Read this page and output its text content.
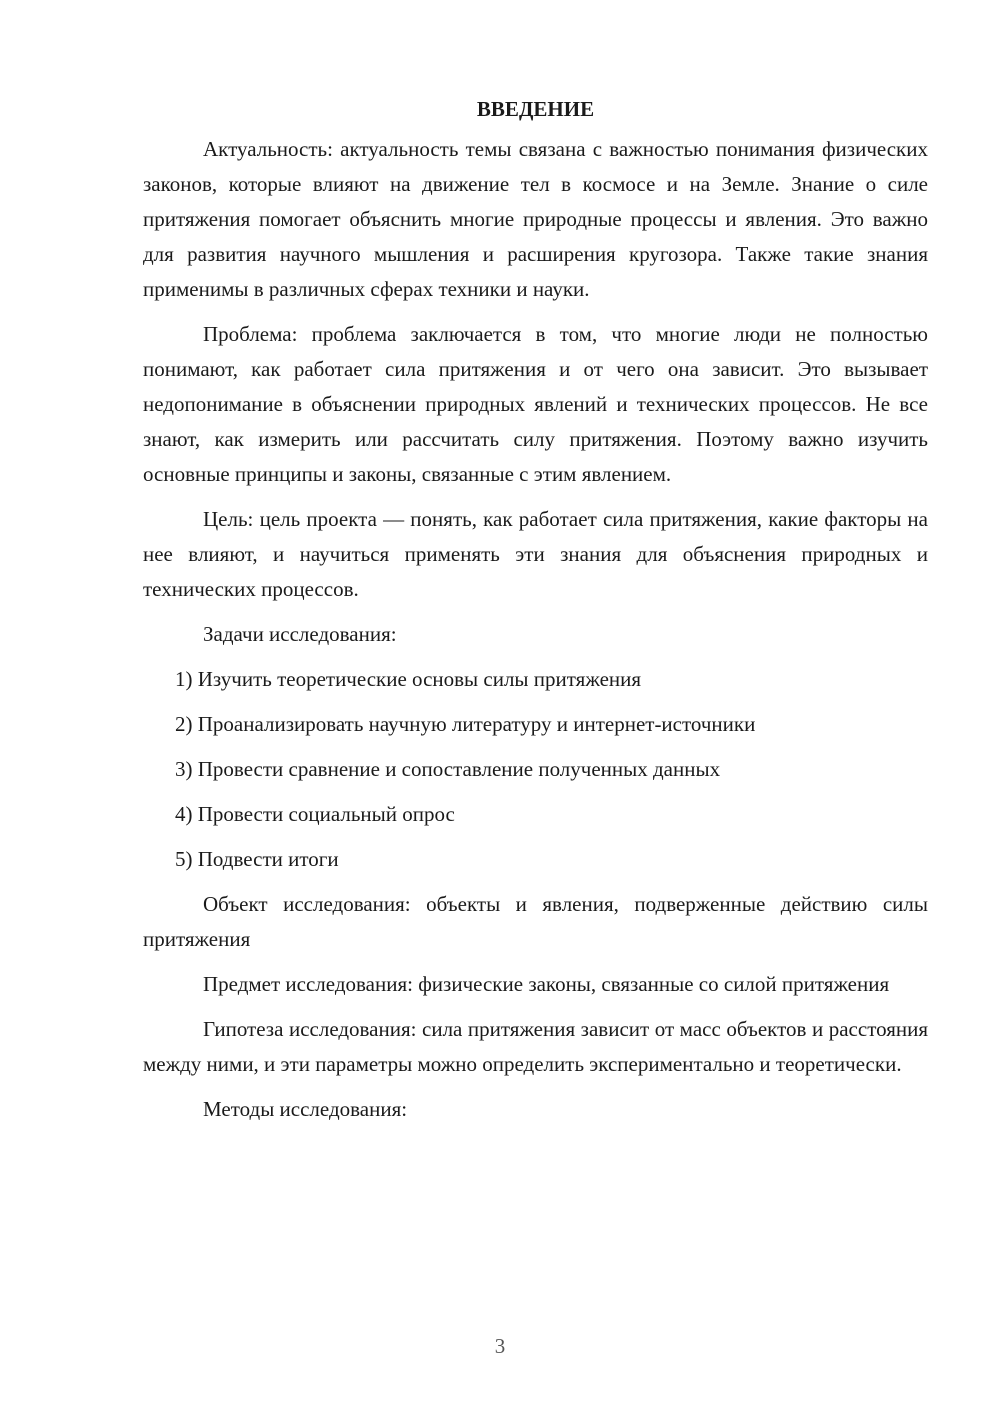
ВВЕДЕНИЕ

Актуальность: актуальность темы связана с важностью понимания физических законов, которые влияют на движение тел в космосе и на Земле. Знание о силе притяжения помогает объяснить многие природные процессы и явления. Это важно для развития научного мышления и расширения кругозора. Также такие знания применимы в различных сферах техники и науки.

Проблема: проблема заключается в том, что многие люди не полностью понимают, как работает сила притяжения и от чего она зависит. Это вызывает недопонимание в объяснении природных явлений и технических процессов. Не все знают, как измерить или рассчитать силу притяжения. Поэтому важно изучить основные принципы и законы, связанные с этим явлением.

Цель: цель проекта — понять, как работает сила притяжения, какие факторы на нее влияют, и научиться применять эти знания для объяснения природных и технических процессов.

Задачи исследования:

1) Изучить теоретические основы силы притяжения
2) Проанализировать научную литературу и интернет-источники
3) Провести сравнение и сопоставление полученных данных
4) Провести социальный опрос
5) Подвести итоги

Объект исследования: объекты и явления, подверженные действию силы притяжения

Предмет исследования: физические законы, связанные со силой притяжения

Гипотеза исследования: сила притяжения зависит от масс объектов и расстояния между ними, и эти параметры можно определить экспериментально и теоретически.

Методы исследования:

3
